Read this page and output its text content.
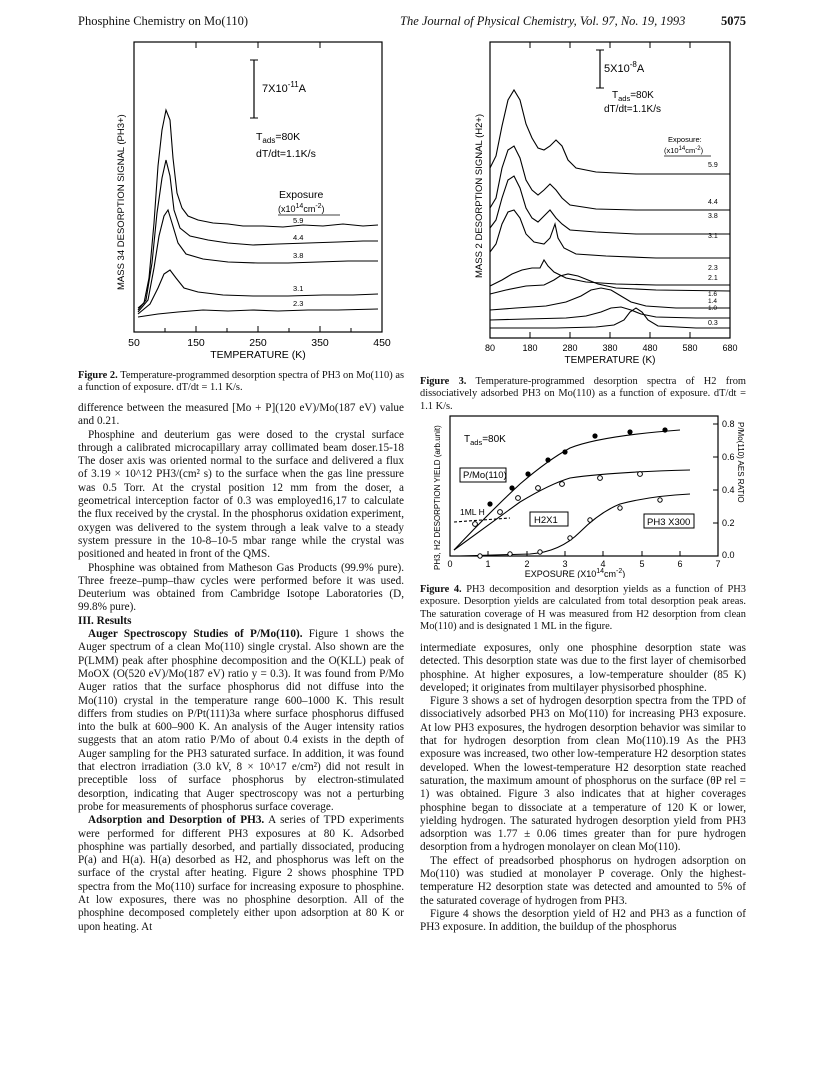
Phosphine Chemistry on Mo(110)	The Journal of Physical Chemistry, Vol. 97, No. 19, 1993	5075
$7X10^{-11}A$
$T_{ads}=80K$
dT/dt=1.1K/s
Exposure
$(x10^{14}cm^{-2})$
5.9
4.4
3.8
3.1
2.3
MASS 34 DESORPTION SIGNAL (PH3+)
50	150	250	350	450
TEMPERATURE (K)
Figure 2. Temperature-programmed desorption spectra of PH3 on Mo(110) as a function of exposure. dT/dt = 1.1 K/s.
$5X10^{-8}A$
$T_{ads}=80K$
dT/dt=1.1K/s
Exposure:
$(x10^{14}cm^{-2})$
5.9
4.4
3.8
3.1
2.3
2.1
1.6
1.4
1.0
0.3
MASS 2 DESORPTION SIGNAL (H2+)
80	180	280	380	480	580	680
TEMPERATURE (K)
Figure 3. Temperature-programmed desorption spectra of H2 from dissociatively adsorbed PH3 on Mo(110) as a function of exposure. dT/dt = 1.1 K/s.
$T_{ads}=80K$
P/Mo(110)
H2X1	PH3 X300
1ML H
PH3, H2 DESORPTION YIELD (arb.unit)	P/Mo(110) AES RATIO
0.8
0.6
0.4
0.2
0.0
0	1	2	3	4	5	6	7
EXPOSURE $(X10^{14}cm^{-2})$
Figure 4. PH3 decomposition and desorption yields as a function of PH3 exposure. Desorption yields are calculated from total desorption peak areas. The saturation coverage of H was measured from H2 desorption from clean Mo(110) and is designated 1 ML in the figure.

difference between the measured [Mo + P](120 eV)/Mo(187 eV) value and 0.21.

Phosphine and deuterium gas were dosed to the crystal surface through a calibrated microcapillary array collimated beam doser.15-18 The doser axis was oriented normal to the surface and delivered a flux of 3.19 × 10^12 PH3/(cm² s) to the surface when the gas line pressure was 0.5 Torr. At the crystal position 12 mm from the doser, a geometrical interception factor of 0.3 was employed16,17 to calculate the flux received by the crystal. In the phosphorus oxidation experiment, oxygen was delivered to the system through a leak valve to a steady system pressure in the 10-8–10-5 mbar range while the crystal was positioned and heated in front of the QMS.

Phosphine was obtained from Matheson Gas Products (99.9% pure). Three freeze–pump–thaw cycles were performed before it was used. Deuterium was obtained from Cambridge Isotope Laboratories (D, 99.8% pure).

III. Results

Auger Spectroscopy Studies of P/Mo(110). Figure 1 shows the Auger spectrum of a clean Mo(110) single crystal. Also shown are the P(LMM) peak after phosphine decomposition and the O(KLL) peak of MoOX (O(520 eV)/Mo(187 eV) ratio y = 0.3). It was found from P/Mo Auger ratios that the surface phosphorus did not diffuse into the Mo(110) crystal in the temperature range 600–1000 K. This result differs from studies on P/Pt(111)3a where surface phosphorus diffused into the bulk at 600–900 K. An analysis of the Auger intensity ratios suggests that an atom ratio P/Mo of about 0.4 exists in the depth of Auger sampling for the PH3 saturated surface. In addition, it was found that electron irradiation (3.0 kV, 8 × 10^17 e/cm²) did not result in preceptible loss of surface phosphorus by electron-stimulated desorption, indicating that Auger spectroscopy was not a perturbing probe for measurements of phosphorus surface coverage.

Adsorption and Desorption of PH3. A series of TPD experiments were performed for different PH3 exposures at 80 K. Adsorbed phosphine was partially desorbed, and partially dissociated, producing P(a) and H(a). H(a) desorbed as H2, and phosphorus was left on the surface of the crystal after heating. Figure 2 shows phosphine TPD spectra from the Mo(110) surface for increasing exposure to phosphine. At low exposures, there was no phosphine desorption. All of the phosphine decomposed completely either upon adsorption at 80 K or upon heating. At

intermediate exposures, only one phosphine desorption state was detected. This desorption state was due to the first layer of chemisorbed phosphine. At higher exposures, a low-temperature shoulder (85 K) developed; it originates from multilayer physisorbed phosphine.

Figure 3 shows a set of hydrogen desorption spectra from the TPD of dissociatively adsorbed PH3 on Mo(110) for increasing PH3 exposure. At low PH3 exposures, the hydrogen desorption behavior was similar to that for hydrogen desorption from clean Mo(110).19 As the PH3 exposure was increased, two other low-temperature H2 desorption states developed. When the lowest-temperature H2 desorption state reached saturation, the maximum amount of phosphorus on the surface (θP rel = 1) was obtained. Figure 3 also indicates that at higher coverages phosphine began to dissociate at a temperature of 120 K or lower, yielding hydrogen. The saturated hydrogen desorption yield from PH3 adsorption was 1.77 ± 0.06 times greater than for pure hydrogen desorption from a hydrogen monolayer on clean Mo(110).

The effect of preadsorbed phosphorus on hydrogen adsorption on Mo(110) was studied at monolayer P coverage. Only the highest-temperature H2 desorption state was detected and amounted to 5% of the saturated coverage of hydrogen from PH3.

Figure 4 shows the desorption yield of H2 and PH3 as a function of PH3 exposure. In addition, the buildup of the phosphorus
